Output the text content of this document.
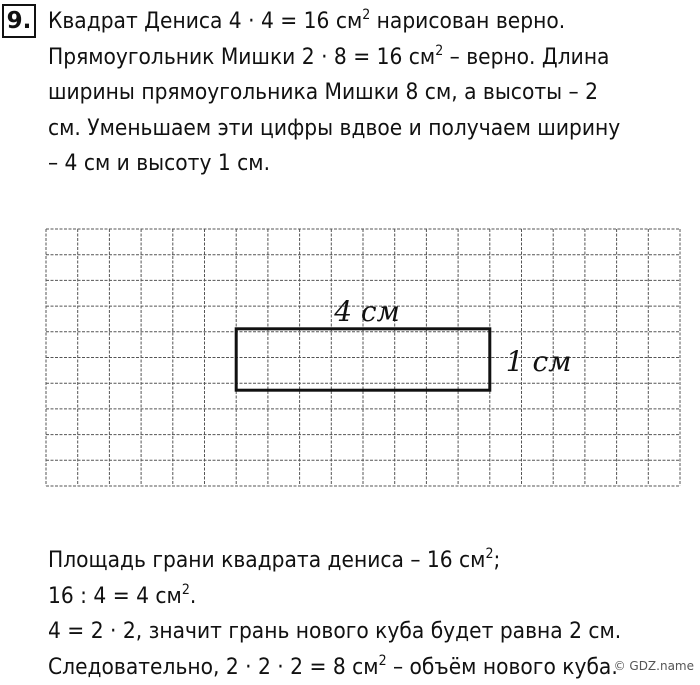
9. Квадрат Дениса 4 · 4 = 16 $см^2$ нарисован верно.
Прямоугольник Мишки 2 · 8 = 16 $см^2$ – верно. Длина
ширины прямоугольника Мишки 8 см, а высоты – 2
см. Уменьшаем эти цифры вдвое и получаем ширину
– 4 см и высоту 1 см.
4 см
1 см
Площадь грани квадрата дениса – 16 $см^2$;
16 : 4 = 4 $см^2$.
4 = 2 · 2, значит грань нового куба будет равна 2 см.
Следовательно, 2 · 2 · 2 = 8 $см^2$ – объём нового куба.
© GDZ.name
